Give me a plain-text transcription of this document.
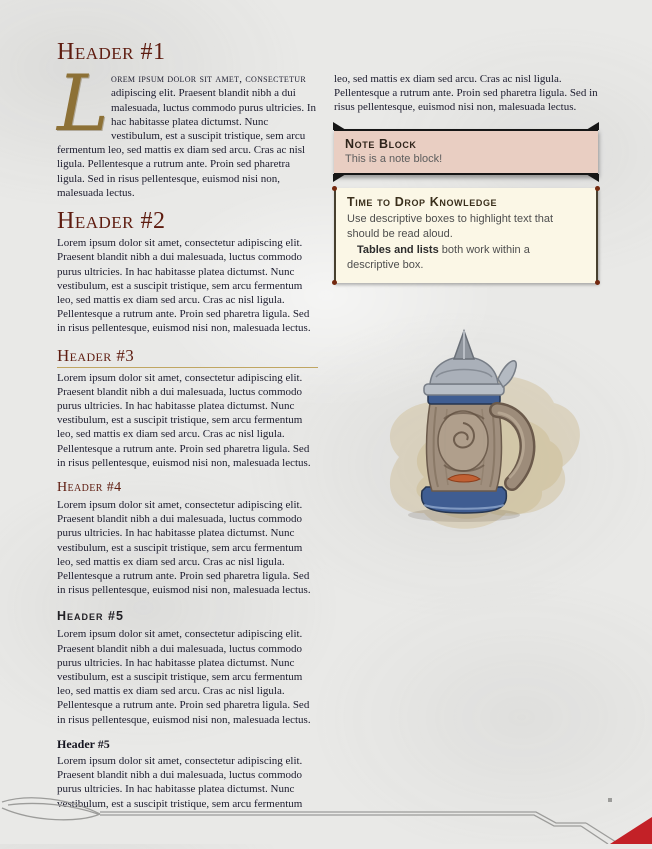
Header #1

Lorem ipsum dolor sit amet, consectetur adipiscing elit. Praesent blandit nibh a dui malesuada, luctus commodo purus ultricies. In hac habitasse platea dictumst. Nunc vestibulum, est a suscipit tristique, sem arcu fermentum leo, sed mattis ex diam sed arcu. Cras ac nisl ligula. Pellentesque a rutrum ante. Proin sed pharetra ligula. Sed in risus pellentesque, euismod nisi non, malesuada lectus.

Header #2

Lorem ipsum dolor sit amet, consectetur adipiscing elit. Praesent blandit nibh a dui malesuada, luctus commodo purus ultricies. In hac habitasse platea dictumst. Nunc vestibulum, est a suscipit tristique, sem arcu fermentum leo, sed mattis ex diam sed arcu. Cras ac nisl ligula. Pellentesque a rutrum ante. Proin sed pharetra ligula. Sed in risus pellentesque, euismod nisi non, malesuada lectus.

Header #3

Lorem ipsum dolor sit amet, consectetur adipiscing elit. Praesent blandit nibh a dui malesuada, luctus commodo purus ultricies. In hac habitasse platea dictumst. Nunc vestibulum, est a suscipit tristique, sem arcu fermentum leo, sed mattis ex diam sed arcu. Cras ac nisl ligula. Pellentesque a rutrum ante. Proin sed pharetra ligula. Sed in risus pellentesque, euismod nisi non, malesuada lectus.

Header #4

Lorem ipsum dolor sit amet, consectetur adipiscing elit. Praesent blandit nibh a dui malesuada, luctus commodo purus ultricies. In hac habitasse platea dictumst. Nunc vestibulum, est a suscipit tristique, sem arcu fermentum leo, sed mattis ex diam sed arcu. Cras ac nisl ligula. Pellentesque a rutrum ante. Proin sed pharetra ligula. Sed in risus pellentesque, euismod nisi non, malesuada lectus.

Header #5

Lorem ipsum dolor sit amet, consectetur adipiscing elit. Praesent blandit nibh a dui malesuada, luctus commodo purus ultricies. In hac habitasse platea dictumst. Nunc vestibulum, est a suscipit tristique, sem arcu fermentum leo, sed mattis ex diam sed arcu. Cras ac nisl ligula. Pellentesque a rutrum ante. Proin sed pharetra ligula. Sed in risus pellentesque, euismod nisi non, malesuada lectus.

Header #5

Lorem ipsum dolor sit amet, consectetur adipiscing elit. Praesent blandit nibh a dui malesuada, luctus commodo purus ultricies. In hac habitasse platea dictumst. Nunc vestibulum, est a suscipit tristique, sem arcu fermentum

leo, sed mattis ex diam sed arcu. Cras ac nisl ligula. Pellentesque a rutrum ante. Proin sed pharetra ligula. Sed in risus pellentesque, euismod nisi non, malesuada lectus.

Note Block
This is a note block!
Time to Drop Knowledge

Use descriptive boxes to highlight text that should be read aloud.

Tables and lists both work within a descriptive box.
